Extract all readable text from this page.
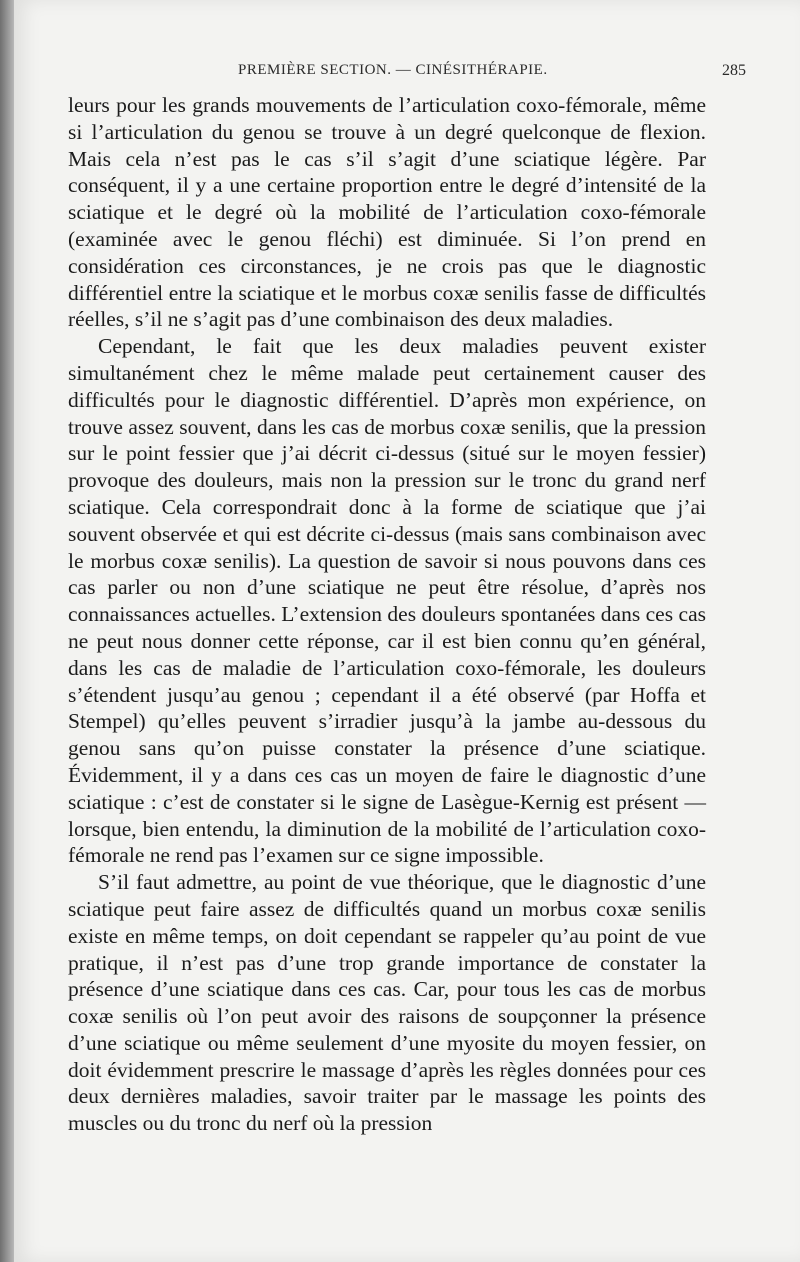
PREMIÈRE SECTION. — CINÉSITHÉRAPIE.	285

leurs pour les grands mouvements de l’articulation coxo-fémorale, même si l’articulation du genou se trouve à un degré quelconque de flexion. Mais cela n’est pas le cas s’il s’agit d’une sciatique légère. Par conséquent, il y a une certaine proportion entre le degré d’intensité de la sciatique et le degré où la mobilité de l’articulation coxo-fémorale (examinée avec le genou fléchi) est diminuée. Si l’on prend en considération ces circonstances, je ne crois pas que le diagnostic différentiel entre la sciatique et le morbus coxæ senilis fasse de difficultés réelles, s’il ne s’agit pas d’une combinaison des deux maladies.

Cependant, le fait que les deux maladies peuvent exister simultanément chez le même malade peut certainement causer des difficultés pour le diagnostic différentiel. D’après mon expérience, on trouve assez souvent, dans les cas de morbus coxæ senilis, que la pression sur le point fessier que j’ai décrit ci-dessus (situé sur le moyen fessier) provoque des douleurs, mais non la pression sur le tronc du grand nerf sciatique. Cela correspondrait donc à la forme de sciatique que j’ai souvent observée et qui est décrite ci-dessus (mais sans combinaison avec le morbus coxæ senilis). La question de savoir si nous pouvons dans ces cas parler ou non d’une sciatique ne peut être résolue, d’après nos connaissances actuelles. L’extension des douleurs spontanées dans ces cas ne peut nous donner cette réponse, car il est bien connu qu’en général, dans les cas de maladie de l’articulation coxo-fémorale, les douleurs s’étendent jusqu’au genou ; cependant il a été observé (par Hoffa et Stempel) qu’elles peuvent s’irradier jusqu’à la jambe au-dessous du genou sans qu’on puisse constater la présence d’une sciatique. Évidemment, il y a dans ces cas un moyen de faire le diagnostic d’une sciatique : c’est de constater si le signe de Lasègue-Kernig est présent — lorsque, bien entendu, la diminution de la mobilité de l’articulation coxo-fémorale ne rend pas l’examen sur ce signe impossible.

S’il faut admettre, au point de vue théorique, que le diagnostic d’une sciatique peut faire assez de difficultés quand un morbus coxæ senilis existe en même temps, on doit cependant se rappeler qu’au point de vue pratique, il n’est pas d’une trop grande importance de constater la présence d’une sciatique dans ces cas. Car, pour tous les cas de morbus coxæ senilis où l’on peut avoir des raisons de soupçonner la présence d’une sciatique ou même seulement d’une myosite du moyen fessier, on doit évidemment prescrire le massage d’après les règles données pour ces deux dernières maladies, savoir traiter par le massage les points des muscles ou du tronc du nerf où la pression
